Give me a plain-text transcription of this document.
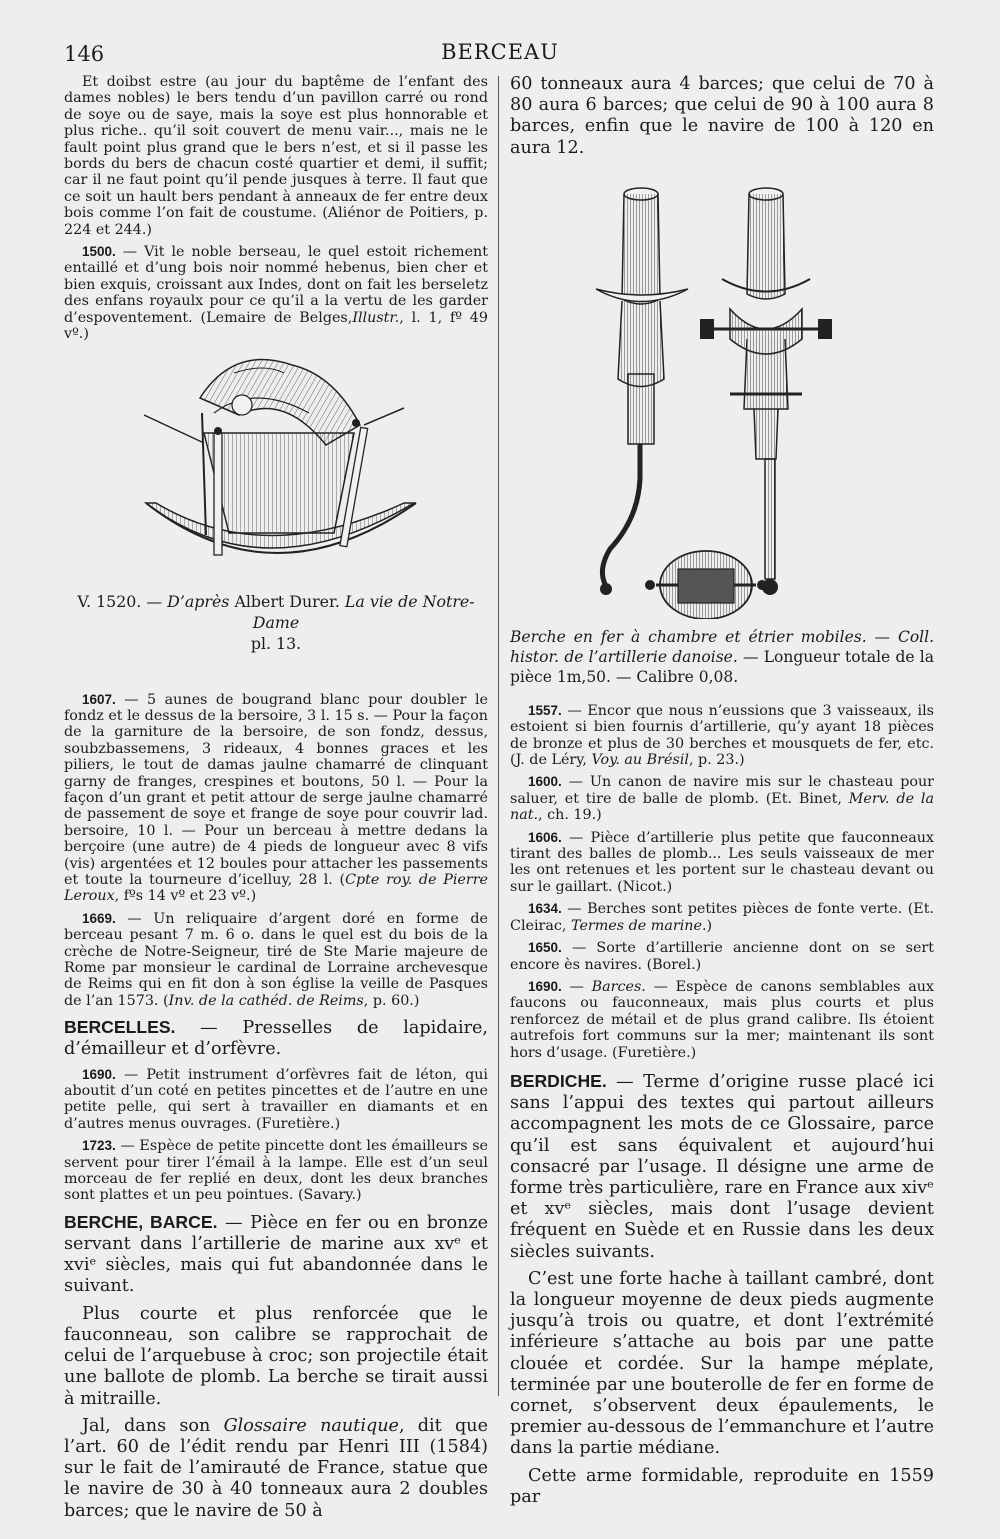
146	BERCEAU

Et doibst estre (au jour du baptême de l’enfant des dames nobles) le bers tendu d’un pavillon carré ou rond de soye ou de saye, mais la soye est plus honnorable et plus riche.. qu’il soit couvert de menu vair..., mais ne le fault point plus grand que le bers n’est, et si il passe les bords du bers de chacun costé quartier et demi, il suffit; car il ne faut point qu’il pende jusques à terre. Il faut que ce soit un hault bers pendant à anneaux de fer entre deux bois comme l’on fait de coustume. (Aliénor de Poitiers, p. 224 et 244.)

1500. — Vit le noble berseau, le quel estoit richement entaillé et d’ung bois noir nommé hebenus, bien cher et bien exquis, croissant aux Indes, dont on fait les berseletz des enfans royaulx pour ce qu’il a la vertu de les garder d’espoventement. (Lemaire de Belges,Illustr., l. 1, fº 49 vº.)

V. 1520. — D’après Albert Durer. La vie de Notre-Dame

pl. 13.

1607. — 5 aunes de bougrand blanc pour doubler le fondz et le dessus de la bersoire, 3 l. 15 s. — Pour la façon de la garniture de la bersoire, de son fondz, dessus, soubzbassemens, 3 rideaux, 4 bonnes graces et les piliers, le tout de damas jaulne chamarré de clinquant garny de franges, crespines et boutons, 50 l. — Pour la façon d’un grant et petit attour de serge jaulne chamarré de passement de soye et frange de soye pour couvrir lad. bersoire, 10 l. — Pour un berceau à mettre dedans la berçoire (une autre) de 4 pieds de longueur avec 8 vifs (vis) argentées et 12 boules pour attacher les passements et toute la tourneure d’icelluy, 28 l. (Cpte roy. de Pierre Leroux, fºs 14 vº et 23 vº.)

1669. — Un reliquaire d’argent doré en forme de berceau pesant 7 m. 6 o. dans le quel est du bois de la crèche de Notre-Seigneur, tiré de Ste Marie majeure de Rome par monsieur le cardinal de Lorraine archevesque de Reims qui en fit don à son église la veille de Pasques de l’an 1573. (Inv. de la cathéd. de Reims, p. 60.)

BERCELLES. — Presselles de lapidaire, d’émailleur et d’orfèvre.

1690. — Petit instrument d’orfèvres fait de léton, qui aboutit d’un coté en petites pincettes et de l’autre en une petite pelle, qui sert à travailler en diamants et en d’autres menus ouvrages. (Furetière.)

1723. — Espèce de petite pincette dont les émailleurs se servent pour tirer l’émail à la lampe. Elle est d’un seul morceau de fer replié en deux, dont les deux branches sont plattes et un peu pointues. (Savary.)

BERCHE, BARCE. — Pièce en fer ou en bronze servant dans l’artillerie de marine aux xvᵉ et xviᵉ siècles, mais qui fut abandonnée dans le suivant.

Plus courte et plus renforcée que le fauconneau, son calibre se rapprochait de celui de l’arquebuse à croc; son projectile était une ballote de plomb. La berche se tirait aussi à mitraille.

Jal, dans son Glossaire nautique, dit que l’art. 60 de l’édit rendu par Henri III (1584) sur le fait de l’amirauté de France, statue que le navire de 30 à 40 tonneaux aura 2 doubles barces; que le navire de 50 à

60 tonneaux aura 4 barces; que celui de 70 à 80 aura 6 barces; que celui de 90 à 100 aura 8 barces, enfin que le navire de 100 à 120 en aura 12.

Berche en fer à chambre et étrier mobiles. — Coll. histor. de l’artillerie danoise. — Longueur totale de la pièce 1m,50. — Calibre 0,08.

1557. — Encor que nous n’eussions que 3 vaisseaux, ils estoient si bien fournis d’artillerie, qu’y ayant 18 pièces de bronze et plus de 30 berches et mousquets de fer, etc. (J. de Léry, Voy. au Brésil, p. 23.)

1600. — Un canon de navire mis sur le chasteau pour saluer, et tire de balle de plomb. (Et. Binet, Merv. de la nat., ch. 19.)

1606. — Pièce d’artillerie plus petite que fauconneaux tirant des balles de plomb... Les seuls vaisseaux de mer les ont retenues et les portent sur le chasteau devant ou sur le gaillart. (Nicot.)

1634. — Berches sont petites pièces de fonte verte. (Et. Cleirac, Termes de marine.)

1650. — Sorte d’artillerie ancienne dont on se sert encore ès navires. (Borel.)

1690. — Barces. — Espèce de canons semblables aux faucons ou fauconneaux, mais plus courts et plus renforcez de métail et de plus grand calibre. Ils étoient autrefois fort communs sur la mer; maintenant ils sont hors d’usage. (Furetière.)

BERDICHE. — Terme d’origine russe placé ici sans l’appui des textes qui partout ailleurs accompagnent les mots de ce Glossaire, parce qu’il est sans équivalent et aujourd’hui consacré par l’usage. Il désigne une arme de forme très particulière, rare en France aux xivᵉ et xvᵉ siècles, mais dont l’usage devient fréquent en Suède et en Russie dans les deux siècles suivants.

C’est une forte hache à taillant cambré, dont la longueur moyenne de deux pieds augmente jusqu’à trois ou quatre, et dont l’extrémité inférieure s’attache au bois par une patte clouée et cordée. Sur la hampe méplate, terminée par une bouterolle de fer en forme de cornet, s’observent deux épaulements, le premier au-dessous de l’emmanchure et l’autre dans la partie médiane.

Cette arme formidable, reproduite en 1559 par
